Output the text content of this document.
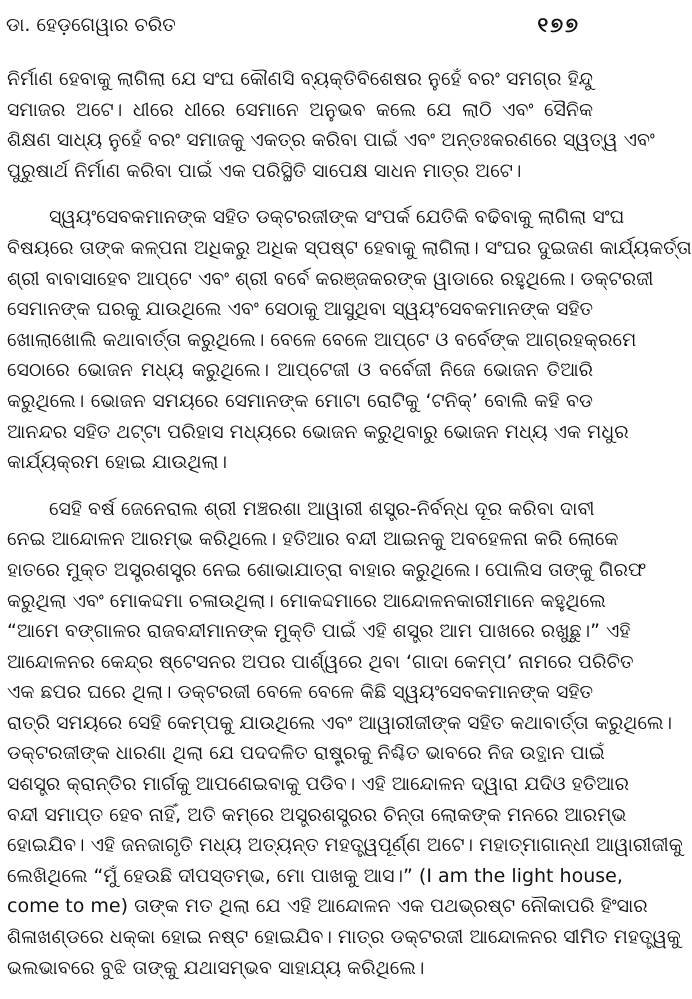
ଡା. ହେଡ଼ଗେୱାର ଚରିତ	୧୭୭
ନିର୍ମାଣ ହେବାକୁ ଲାଗିଲା ଯେ ସଂଘ କୌଣସି ବ୍ୟକ୍ତିବିଶେଷର ନୁହେଁ ବରଂ ସମଗ୍ର ହିନ୍ଦୁ
ସମାଜର ଅଟେ। ଧୀରେ ଧୀରେ ସେମାନେ ଅନୁଭବ କଲେ ଯେ ଲାଠି ଏବଂ ସୈନିକ
ଶିକ୍ଷଣ ସାଧ୍ୟ ନୁହେଁ ବରଂ ସମାଜକୁ ଏକତ୍ର କରିବା ପାଇଁ ଏବଂ ଅନ୍ତଃକରଣରେ ସ୍ୱତ୍ୱ ଏବଂ
ପୁରୁଷାର୍ଥ ନିର୍ମାଣ କରିବା ପାଇଁ ଏକ ପରିସ୍ଥିତି ସାପେକ୍ଷ ସାଧନ ମାତ୍ର ଅଟେ।
ସ୍ୱୟଂସେବକମାନଙ୍କ ସହିତ ଡକ୍ଟରଜୀଙ୍କ ସଂପର୍କ ଯେତିକି ବଢିବାକୁ ଲାଗିଲା ସଂଘ
ବିଷୟରେ ତାଙ୍କ କଳ୍ପନା ଅଧିକରୁ ଅଧିକ ସ୍ପଷ୍ଟ ହେବାକୁ ଲାଗିଲା। ସଂଘର ଦୁଇଜଣ କାର୍ଯ୍ୟକର୍ତ୍ତା
ଶ୍ରୀ ବାବାସାହେବ ଆପ୍ଟେ ଏବଂ ଶ୍ରୀ ବର୍ବେ କରଞ୍ଜକରଙ୍କ ୱାଡାରେ ରହୁଥିଲେ। ଡକ୍ଟରଜୀ
ସେମାନଙ୍କ ଘରକୁ ଯାଉଥିଲେ ଏବଂ ସେଠାକୁ ଆସୁଥିବା ସ୍ୱୟଂସେବକମାନଙ୍କ ସହିତ
ଖୋଲାଖୋଲି କଥାବାର୍ତ୍ତା କରୁଥିଲେ। ବେଳେ ବେଳେ ଆପ୍ଟେ ଓ ବର୍ବେଙ୍କ ଆଗ୍ରହକ୍ରମେ
ସେଠାରେ ଭୋଜନ ମଧ୍ୟ କରୁଥିଲେ। ଆପ୍ଟେଜୀ ଓ ବର୍ବେଜୀ ନିଜେ ଭୋଜନ ତିଆରି
କରୁଥିଲେ। ଭୋଜନ ସମୟରେ ସେମାନଙ୍କ ମୋଟା ରୋଟିକୁ ‘ଟନିକ୍’ ବୋଲି କହି ବଡ
ଆନନ୍ଦର ସହିତ ଥଟ୍ଟା ପରିହାସ ମଧ୍ୟରେ ଭୋଜନ କରୁଥିବାରୁ ଭୋଜନ ମଧ୍ୟ ଏକ ମଧୁର
କାର୍ଯ୍ୟକ୍ରମ ହୋଇ ଯାଉଥିଲା।
ସେହି ବର୍ଷ ଜେନେରାଲ ଶ୍ରୀ ମଞ୍ଚରଶା ଆୱାରୀ ଶସ୍ତ୍ର-ନିର୍ବନ୍ଧ ଦୂର କରିବା ଦାବୀ
ନେଇ ଆନ୍ଦୋଳନ ଆରମ୍ଭ କରିଥିଲେ। ହତିଆର ବନ୍ଦୀ ଆଇନକୁ ଅବହେଳନା କରି ଲୋକେ
ହାତରେ ମୁକ୍ତ ଅସ୍ତ୍ରଶସ୍ତ୍ର ନେଇ ଶୋଭାଯାତ୍ରା ବାହାର କରୁଥିଲେ। ପୋଲିସ ତାଙ୍କୁ ଗିରଫ
କରୁଥିଲା ଏବଂ ମୋକଦ୍ଦମା ଚଳାଉଥିଲା। ମୋକଦ୍ଦମାରେ ଆନ୍ଦୋଳନକାରୀମାନେ କହୁଥିଲେ
“ଆମେ ବଙ୍ଗାଳର ରାଜବନ୍ଦୀମାନଙ୍କ ମୁକ୍ତି ପାଇଁ ଏହି ଶସ୍ତ୍ର ଆମ ପାଖରେ ରଖୁଛୁ।” ଏହି
ଆନ୍ଦୋଳନର କେନ୍ଦ୍ର ଷ୍ଟେସନର ଅପର ପାର୍ଶ୍ୱରେ ଥିବା ‘ଗାଦା କେମ୍ପ’ ନାମରେ ପରିଚିତ
ଏକ ଛପର ଘରେ ଥିଲା। ଡକ୍ଟରଜୀ ବେଳେ ବେଳେ କିଛି ସ୍ୱୟଂସେବକମାନଙ୍କ ସହିତ
ରାତ୍ରି ସମୟରେ ସେହି କେମ୍ପକୁ ଯାଉଥିଲେ ଏବଂ ଆୱାରୀଜୀଙ୍କ ସହିତ କଥାବାର୍ତ୍ତା କରୁଥିଲେ।
ଡକ୍ଟରଜୀଙ୍କ ଧାରଣା ଥିଲା ଯେ ପଦଦଳିତ ରାଷ୍ଟ୍ରକୁ ନିଶ୍ଚିତ ଭାବରେ ନିଜ ଉତ୍ଥାନ ପାଇଁ
ସଶସ୍ତ୍ର କ୍ରାନ୍ତିର ମାର୍ଗକୁ ଆପଣେଇବାକୁ ପଡିବ। ଏହି ଆନ୍ଦୋଳନ ଦ୍ୱାରା ଯଦିଓ ହତିଆର
ବନ୍ଦୀ ସମାପ୍ତ ହେବ ନାହିଁ, ଅତି କମ୍‌ରେ ଅସ୍ତ୍ରଶସ୍ତ୍ରର ଚିନ୍ତା ଲୋକଙ୍କ ମନରେ ଆରମ୍ଭ
ହୋଇଯିବ। ଏହି ଜନଜାଗୃତି ମଧ୍ୟ ଅତ୍ୟନ୍ତ ମହତ୍ତ୍ୱପୂର୍ଣ୍ଣ ଅଟେ। ମହାତ୍ମାଗାନ୍ଧୀ ଆୱାରୀଜୀକୁ
ଲେଖିଥିଲେ “ମୁଁ ହେଉଛି ଦୀପସ୍ତମ୍ଭ, ମୋ ପାଖକୁ ଆସ।” (I am the light house,
come to me) ତାଙ୍କ ମତ ଥିଲା ଯେ ଏହି ଆନ୍ଦୋଳନ ଏକ ପଥଭ୍ରଷ୍ଟ ନୌକାପରି ହିଂସାର
ଶିଳାଖଣ୍ଡରେ ଧକ୍କା ହୋଇ ନଷ୍ଟ ହୋଇଯିବ। ମାତ୍ର ଡକ୍ଟରଜୀ ଆନ୍ଦୋଳନର ସୀମିତ ମହତ୍ତ୍ୱକୁ
ଭଲଭାବରେ ବୁଝି ତାଙ୍କୁ ଯଥାସମ୍ଭବ ସାହାଯ୍ୟ କରିଥିଲେ।
